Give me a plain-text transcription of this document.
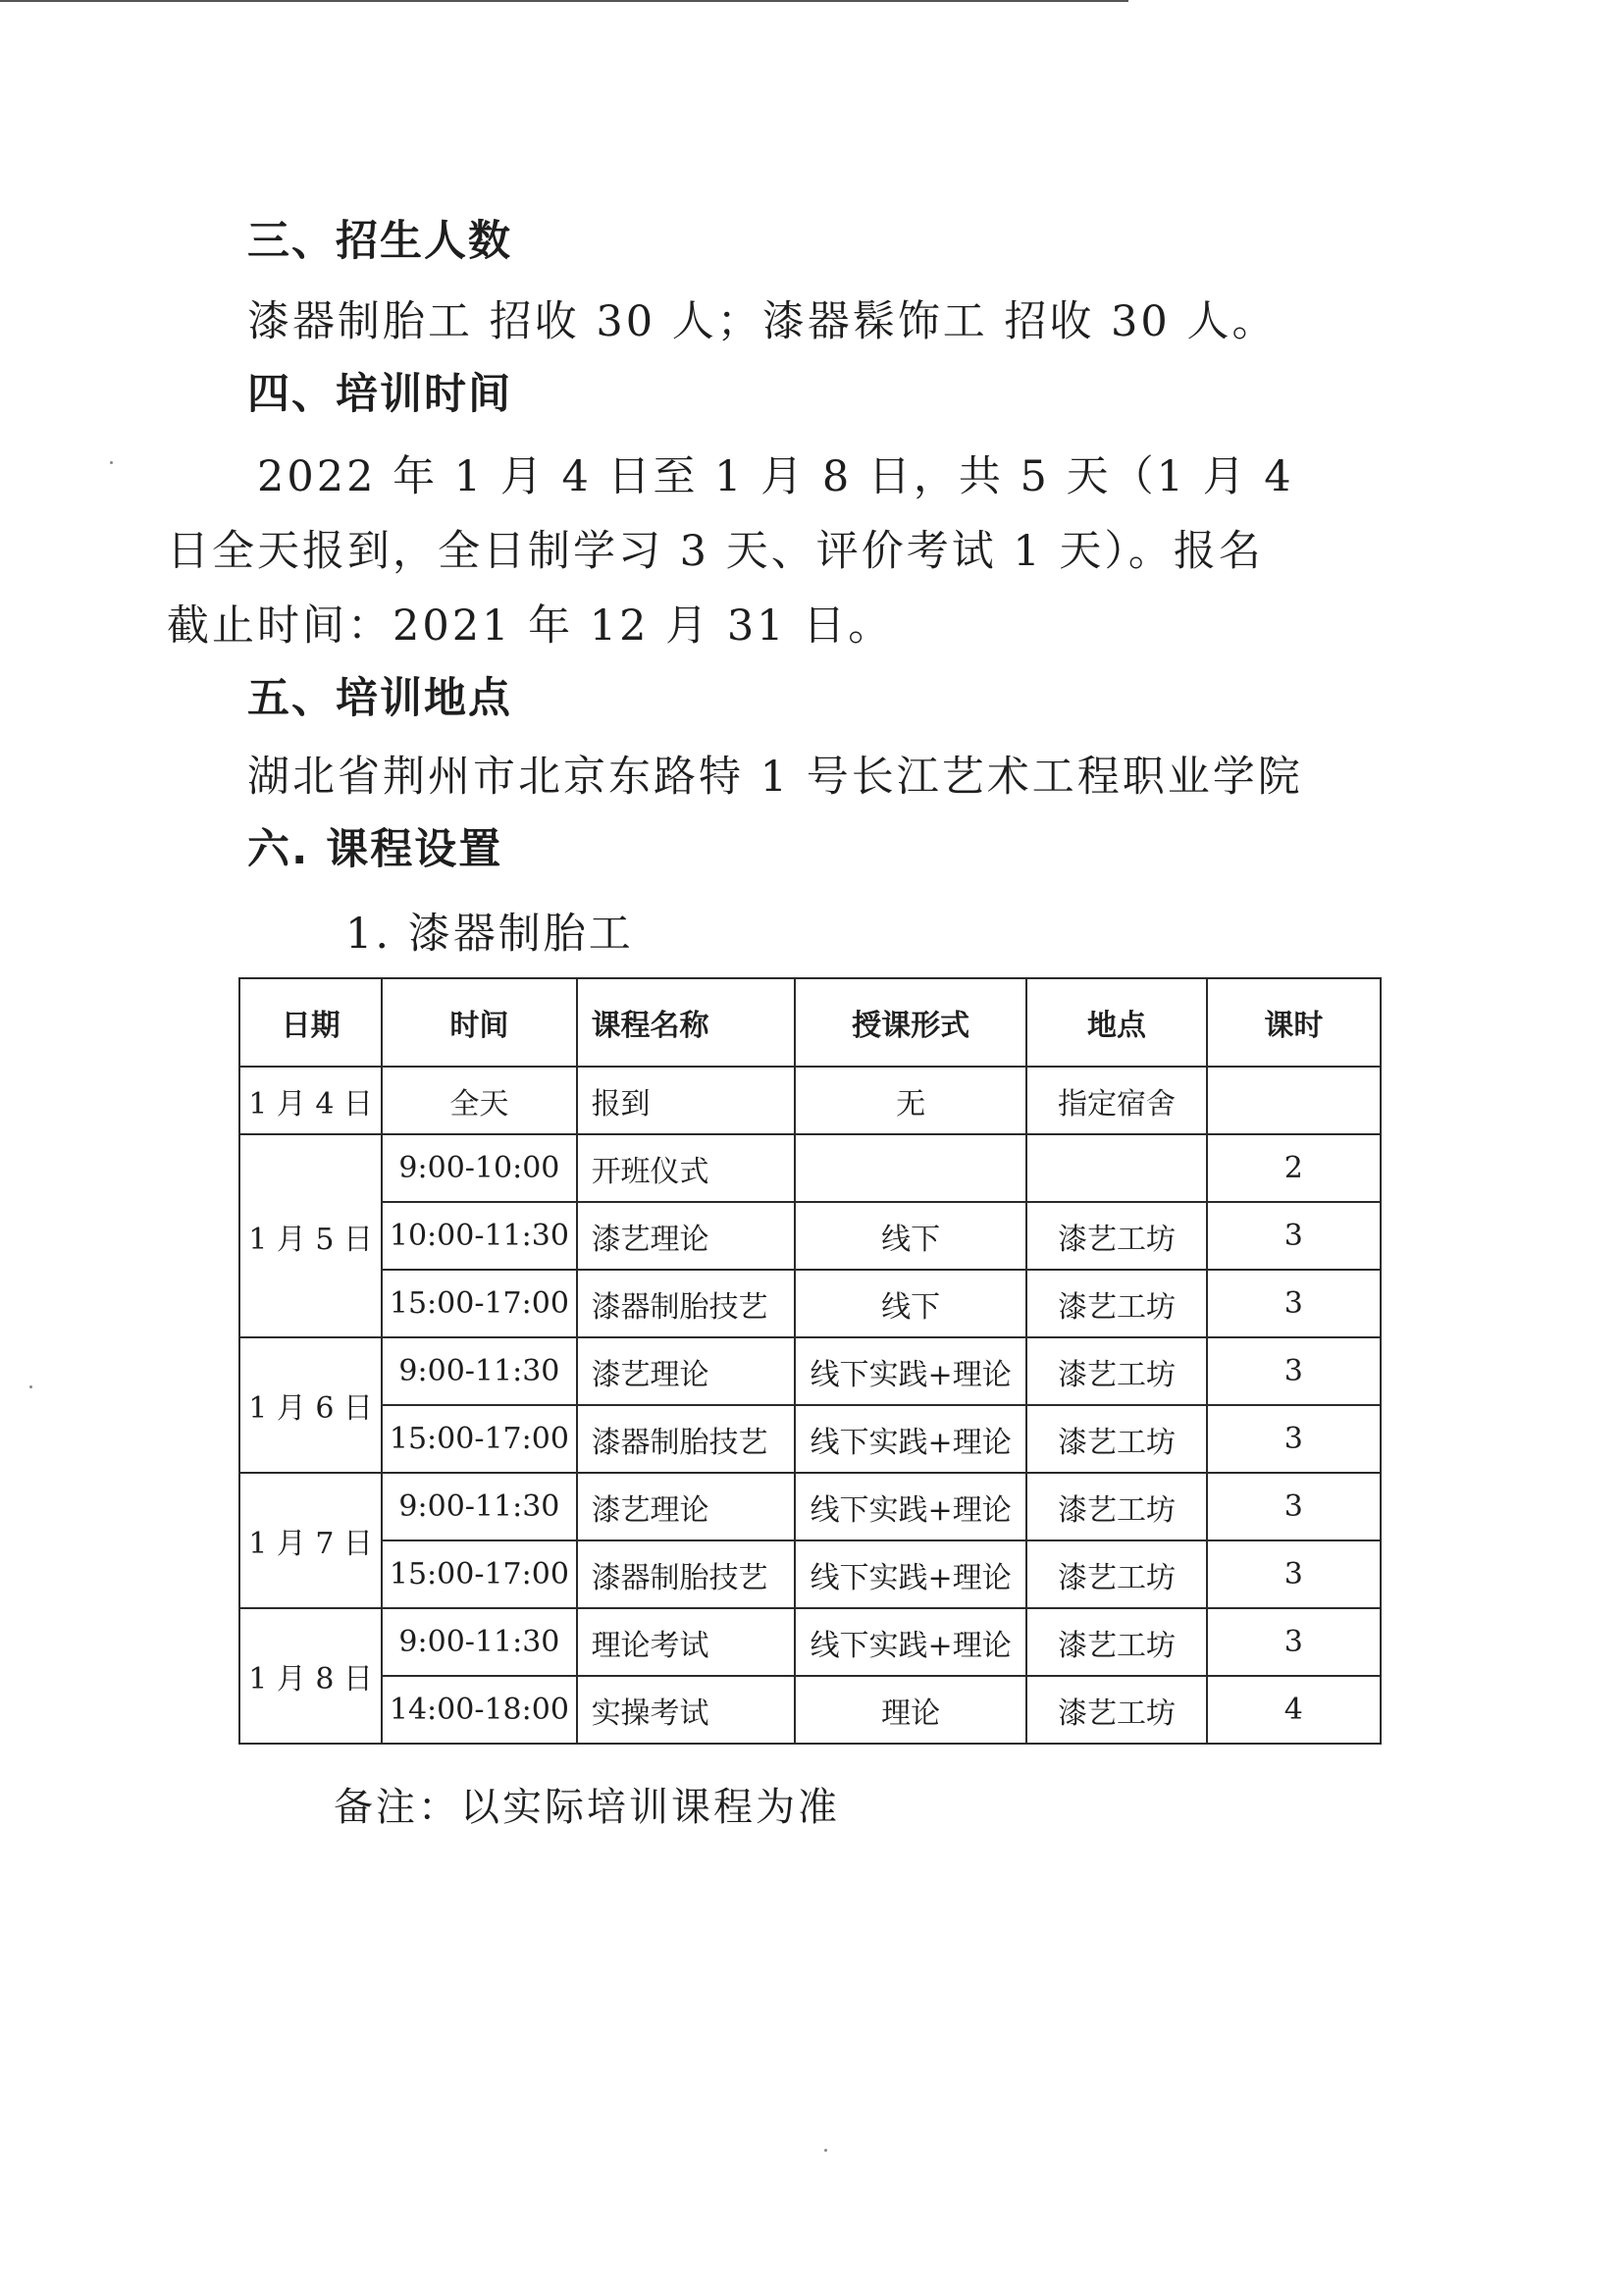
三、招生人数
漆器制胎工 招收 30 人；漆器髹饰工 招收 30 人。
四、培训时间
2022 年 1 月 4 日至 1 月 8 日，共 5 天（1 月 4 日全天报到，全日制学习 3 天、评价考试 1 天）。报名截止时间：2021 年 12 月 31 日。
五、培训地点
湖北省荆州市北京东路特 1 号长江艺术工程职业学院
六. 课程设置
1. 漆器制胎工
日期	时间	课程名称	授课形式	地点	课时
1 月 4 日	全天	报到	无	指定宿舍	
1 月 5 日	9:00-10:00	开班仪式			2
	10:00-11:30	漆艺理论	线下	漆艺工坊	3
	15:00-17:00	漆器制胎技艺	线下	漆艺工坊	3
1 月 6 日	9:00-11:30	漆艺理论	线下实践+理论	漆艺工坊	3
	15:00-17:00	漆器制胎技艺	线下实践+理论	漆艺工坊	3
1 月 7 日	9:00-11:30	漆艺理论	线下实践+理论	漆艺工坊	3
	15:00-17:00	漆器制胎技艺	线下实践+理论	漆艺工坊	3
1 月 8 日	9:00-11:30	理论考试	线下实践+理论	漆艺工坊	3
	14:00-18:00	实操考试	理论	漆艺工坊	4
备注：以实际培训课程为准
